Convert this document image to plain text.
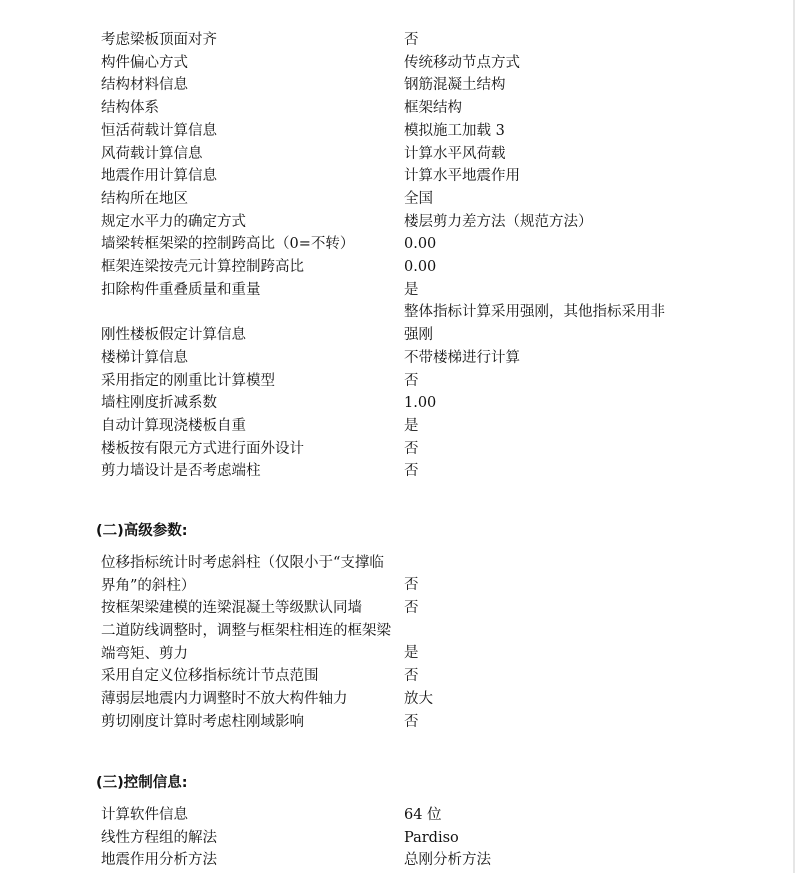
考虑梁板顶面对齐	否
构件偏心方式	传统移动节点方式
结构材料信息	钢筋混凝土结构
结构体系	框架结构
恒活荷载计算信息	模拟施工加载 3
风荷载计算信息	计算水平风荷载
地震作用计算信息	计算水平地震作用
结构所在地区	全国
规定水平力的确定方式	楼层剪力差方法（规范方法）
墙梁转框架梁的控制跨高比（0=不转）	0.00
框架连梁按壳元计算控制跨高比	0.00
扣除构件重叠质量和重量	是
整体指标计算采用强刚，其他指标采用非
刚性楼板假定计算信息	强刚
楼梯计算信息	不带楼梯进行计算
采用指定的刚重比计算模型	否
墙柱刚度折减系数	1.00
自动计算现浇楼板自重	是
楼板按有限元方式进行面外设计	否
剪力墙设计是否考虑端柱	否
(二)高级参数:
位移指标统计时考虑斜柱（仅限小于“支撑临界角”的斜柱）	否
按框架梁建模的连梁混凝土等级默认同墙	否
二道防线调整时，调整与框架柱相连的框架梁端弯矩、剪力	是
采用自定义位移指标统计节点范围	否
薄弱层地震内力调整时不放大构件轴力	放大
剪切刚度计算时考虑柱刚域影响	否
(三)控制信息:
计算软件信息	64 位
线性方程组的解法	Pardiso
地震作用分析方法	总刚分析方法
